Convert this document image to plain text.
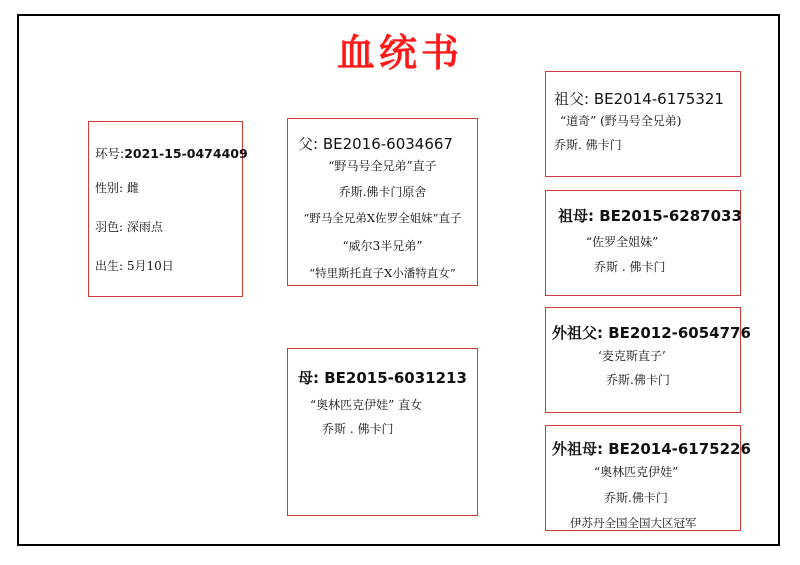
血统书
环号:2021-15-0474409
性别: 雌
羽色: 深雨点
出生: 5月10日
父: BE2016-6034667
“野马号全兄弟”直子
乔斯.佛卡门原舍
“野马全兄弟X佐罗全姐妹”直子
“威尔3半兄弟”
“特里斯托直子X小潘特直女”
母: BE2015-6031213
“奥林匹克伊娃” 直女
乔斯 . 佛卡门
祖父: BE2014-6175321
“道奇” (野马号全兄弟)
乔斯. 佛卡门
祖母: BE2015-6287033
“佐罗全姐妹”
乔斯 . 佛卡门
外祖父: BE2012-6054776
‘麦克斯直子’
乔斯.佛卡门
外祖母: BE2014-6175226
“奥林匹克伊娃”
乔斯.佛卡门
伊苏丹全国全国大区冠军
